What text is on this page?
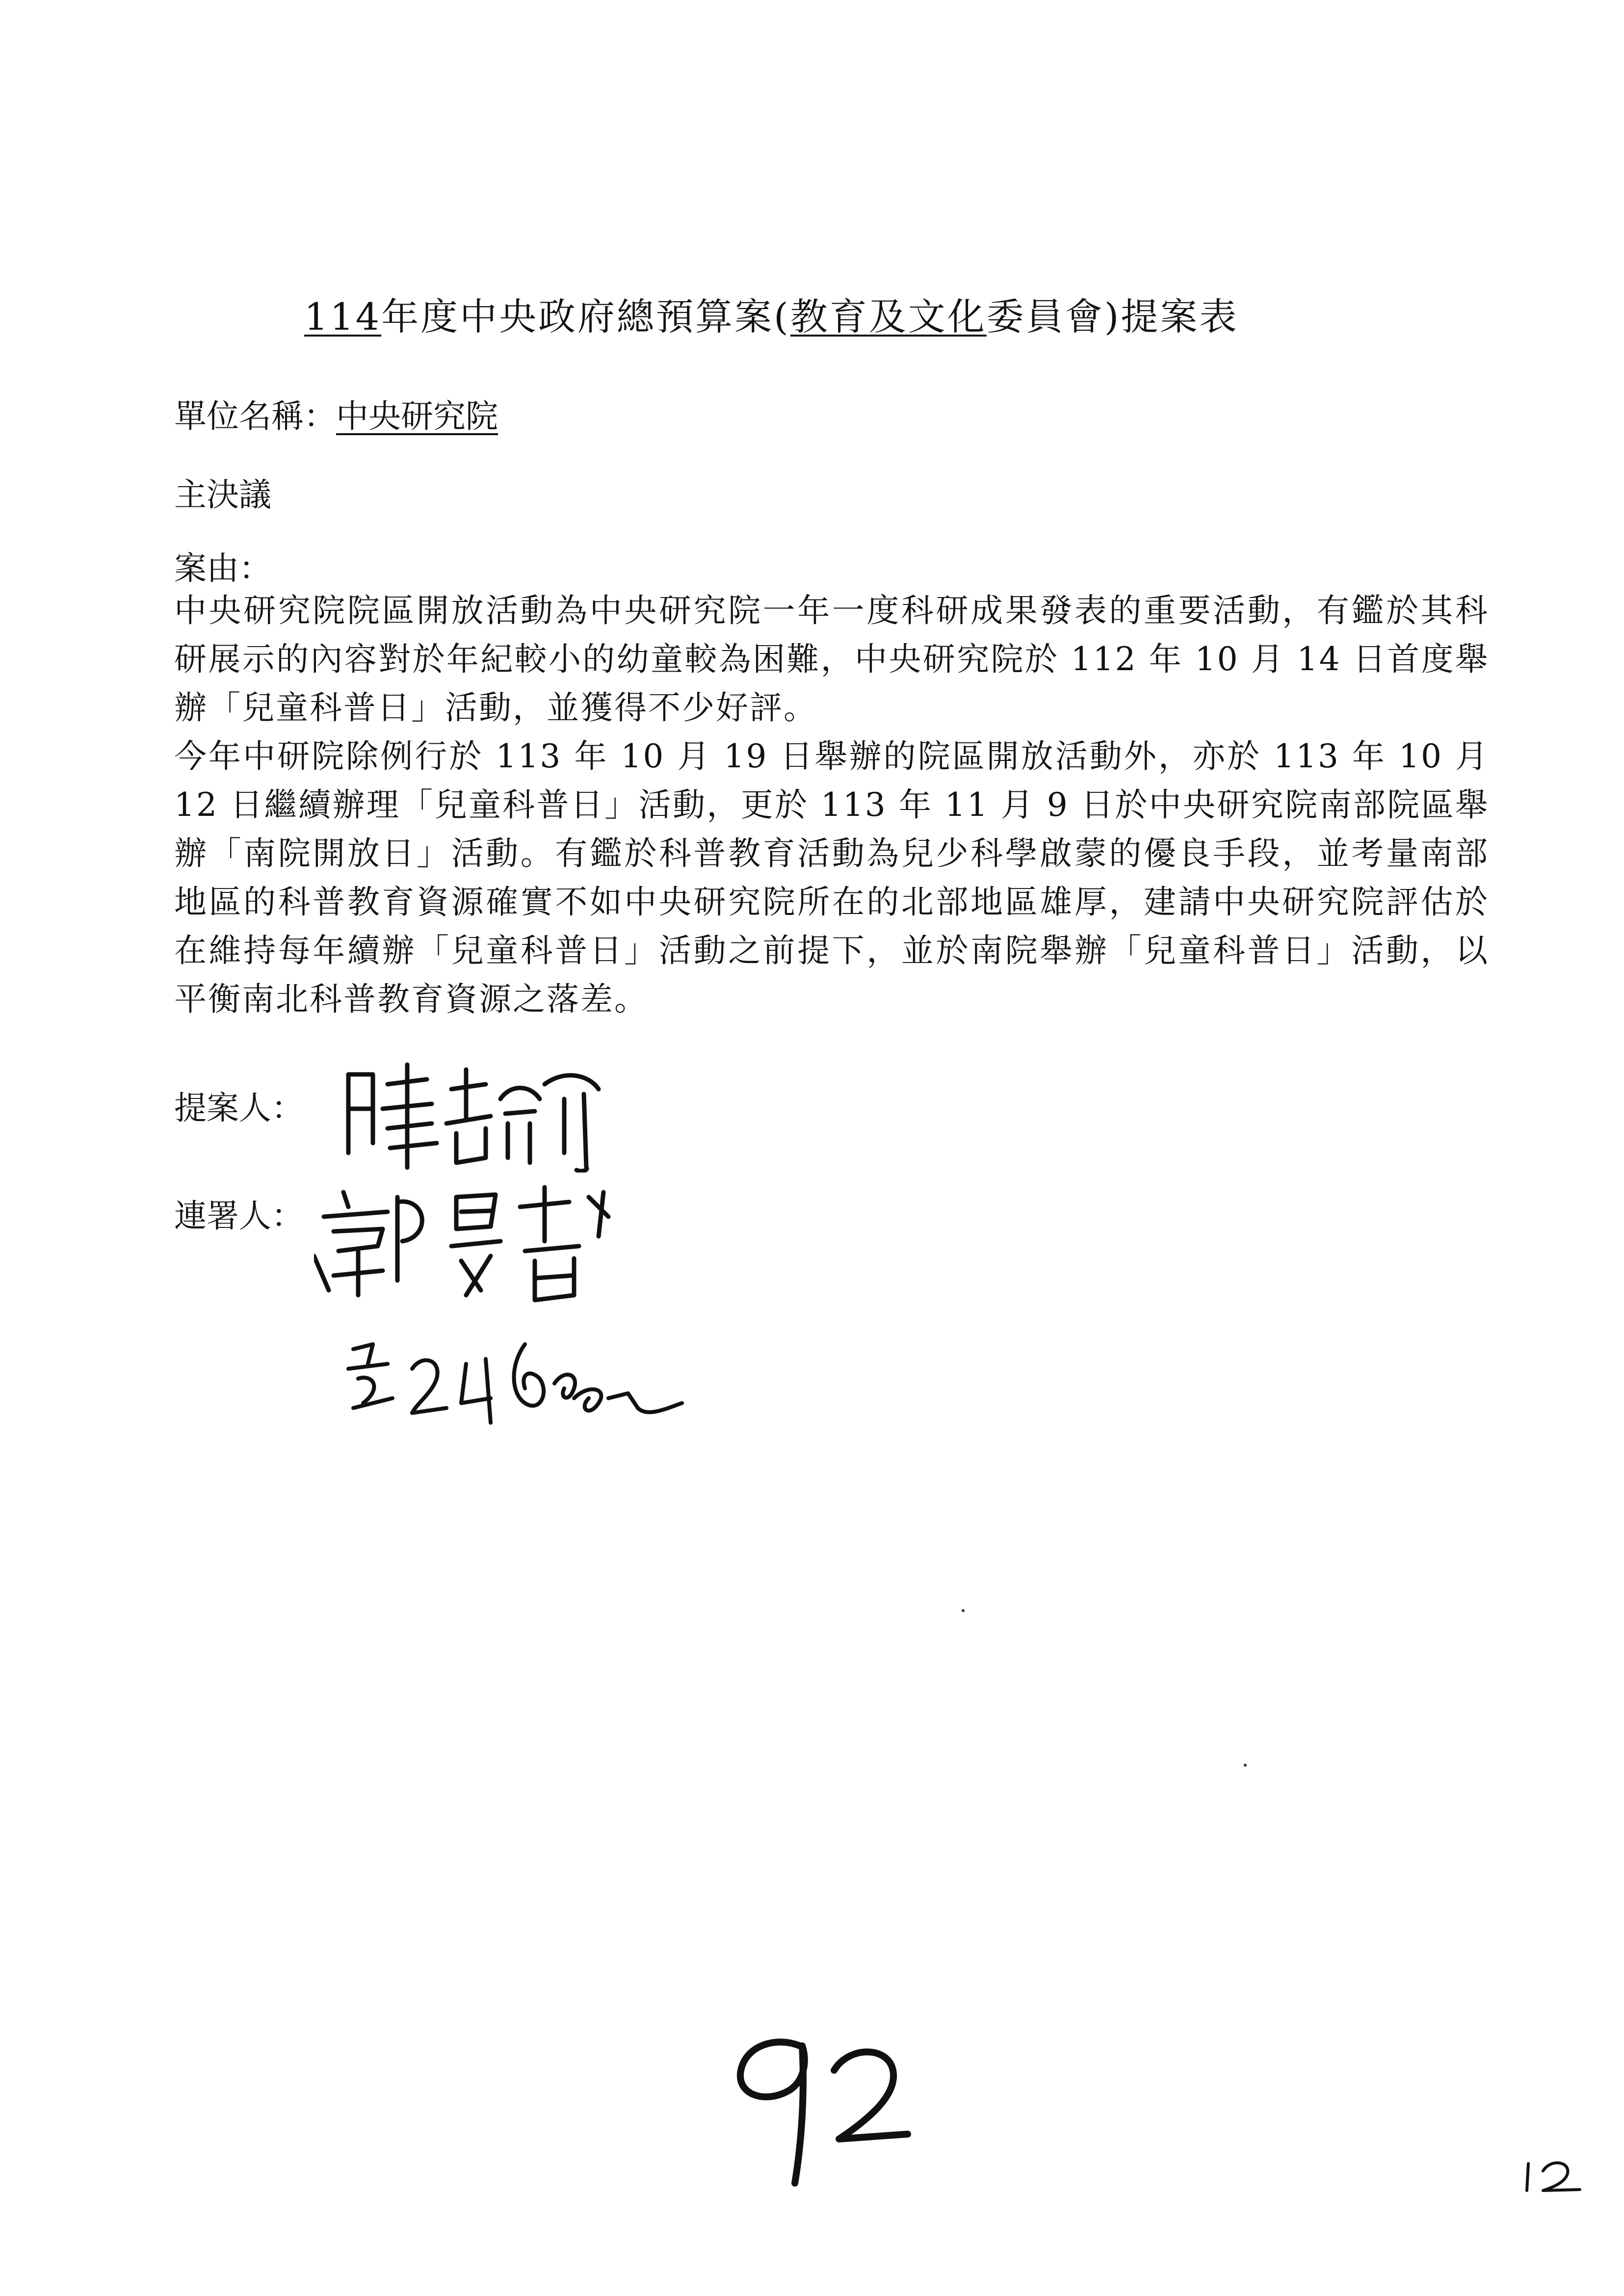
114年度中央政府總預算案(教育及文化委員會)提案表
單位名稱：中央研究院
主決議
案由：

中央研究院院區開放活動為中央研究院一年一度科研成果發表的重要活動，有鑑於其科研展示的內容對於年紀較小的幼童較為困難，中央研究院於 112 年 10 月 14 日首度舉辦「兒童科普日」活動，並獲得不少好評。

今年中研院除例行於 113 年 10 月 19 日舉辦的院區開放活動外，亦於 113 年 10 月 12 日繼續辦理「兒童科普日」活動，更於 113 年 11 月 9 日於中央研究院南部院區舉辦「南院開放日」活動。有鑑於科普教育活動為兒少科學啟蒙的優良手段，並考量南部地區的科普教育資源確實不如中央研究院所在的北部地區雄厚，建請中央研究院評估於在維持每年續辦「兒童科普日」活動之前提下，並於南院舉辦「兒童科普日」活動，以平衡南北科普教育資源之落差。

提案人：
連署人：
